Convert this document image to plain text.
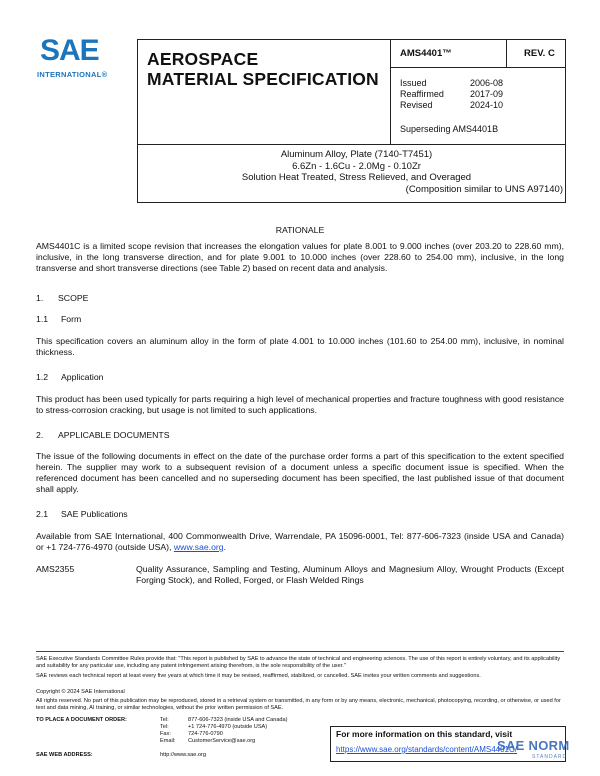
SAE
INTERNATIONAL®
AEROSPACE
MATERIAL SPECIFICATION
AMS4401™	REV. C
Issued	2006-08
Reaffirmed	2017-09
Revised	2024-10
Superseding AMS4401B
Aluminum Alloy, Plate (7140-T7451)
6.6Zn - 1.6Cu - 2.0Mg - 0.10Zr
Solution Heat Treated, Stress Relieved, and Overaged
(Composition similar to UNS A97140)
RATIONALE
AMS4401C is a limited scope revision that increases the elongation values for plate 8.001 to 9.000 inches (over 203.20 to 228.60 mm), inclusive, in the long transverse direction, and for plate 9.001 to 10.000 inches (over 228.60 to 254.00 mm), inclusive, in the long transverse and short transverse directions (see Table 2) based on recent data and analysis.
1. SCOPE
1.1 Form
This specification covers an aluminum alloy in the form of plate 4.001 to 10.000 inches (101.60 to 254.00 mm), inclusive, in nominal thickness.
1.2 Application
This product has been used typically for parts requiring a high level of mechanical properties and fracture toughness with good resistance to stress-corrosion cracking, but usage is not limited to such applications.
2. APPLICABLE DOCUMENTS
The issue of the following documents in effect on the date of the purchase order forms a part of this specification to the extent specified herein. The supplier may work to a subsequent revision of a document unless a specific document issue is specified. When the referenced document has been cancelled and no superseding document has been specified, the last published issue of that document shall apply.
2.1 SAE Publications
Available from SAE International, 400 Commonwealth Drive, Warrendale, PA 15096-0001, Tel: 877-606-7323 (inside USA and Canada) or +1 724-776-4970 (outside USA), www.sae.org.
AMS2355	Quality Assurance, Sampling and Testing, Aluminum Alloys and Magnesium Alloy, Wrought Products (Except Forging Stock), and Rolled, Forged, or Flash Welded Rings
SAE Executive Standards Committee Rules provide that: "This report is published by SAE to advance the state of technical and engineering sciences. The use of this report is entirely voluntary, and its applicability and suitability for any particular use, including any patent infringement arising therefrom, is the sole responsibility of the user."
SAE reviews each technical report at least every five years at which time it may be revised, reaffirmed, stabilized, or cancelled. SAE invites your written comments and suggestions.
Copyright © 2024 SAE International
All rights reserved. No part of this publication may be reproduced, stored in a retrieval system or transmitted, in any form or by any means, electronic, mechanical, photocopying, recording, or otherwise, or used for text and data mining, AI training, or similar technologies, without the prior written permission of SAE.
TO PLACE A DOCUMENT ORDER:
SAE WEB ADDRESS:
Tel:	877-606-7323 (inside USA and Canada)
Tel:	+1 724-776-4970 (outside USA)
Fax:	724-776-0790
Email: CustomerService@sae.org
http://www.sae.org
For more information on this standard, visit
https://www.sae.org/standards/content/AMS4401C/
SAE NORM
STANDARD
